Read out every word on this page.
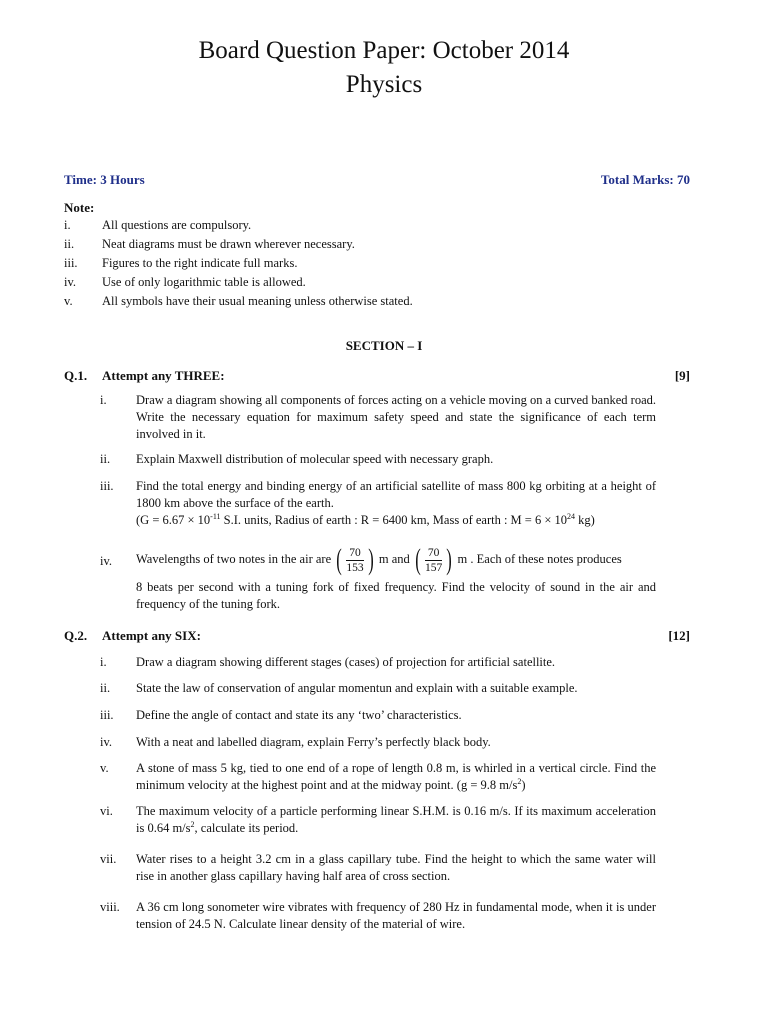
Board Question Paper: October 2014
Physics
Time: 3 Hours	Total Marks: 70
Note:
i.	All questions are compulsory.
ii. Neat diagrams must be drawn wherever necessary.
iii. Figures to the right indicate full marks.
iv. Use of only logarithmic table is allowed.
v. All symbols have their usual meaning unless otherwise stated.
SECTION – I
Q.1. Attempt any THREE:	[9]
i. Draw a diagram showing all components of forces acting on a vehicle moving on a curved banked road. Write the necessary equation for maximum safety speed and state the significance of each term involved in it.
ii. Explain Maxwell distribution of molecular speed with necessary graph.
iii. Find the total energy and binding energy of an artificial satellite of mass 800 kg orbiting at a height of 1800 km above the surface of the earth.
($G = 6.67 \times 10^{-11}$ S.I. units, Radius of earth : R = 6400 km, Mass of earth : $M = 6 \times 10^{24}$ kg)
iv. Wavelengths of two notes in the air are ( $\frac{70}{153}$ ) m and ( $\frac{70}{157}$ ) m . Each of these notes produces
8 beats per second with a tuning fork of fixed frequency. Find the velocity of sound in the air and frequency of the tuning fork.
Q.2. Attempt any SIX:	[12]
i. Draw a diagram showing different stages (cases) of projection for artificial satellite.
ii. State the law of conservation of angular momentun and explain with a suitable example.
iii. Define the angle of contact and state its any ‘two’ characteristics.
iv. With a neat and labelled diagram, explain Ferry’s perfectly black body.
v. A stone of mass 5 kg, tied to one end of a rope of length 0.8 m, is whirled in a vertical circle. Find the minimum velocity at the highest point and at the midway point. (g = 9.8 $m/s^2$)
vi. The maximum velocity of a particle performing linear S.H.M. is 0.16 m/s. If its maximum acceleration is 0.64 $m/s^2$, calculate its period.
vii. Water rises to a height 3.2 cm in a glass capillary tube. Find the height to which the same water will rise in another glass capillary having half area of cross section.
viii. A 36 cm long sonometer wire vibrates with frequency of 280 Hz in fundamental mode, when it is under tension of 24.5 N. Calculate linear density of the material of wire.
